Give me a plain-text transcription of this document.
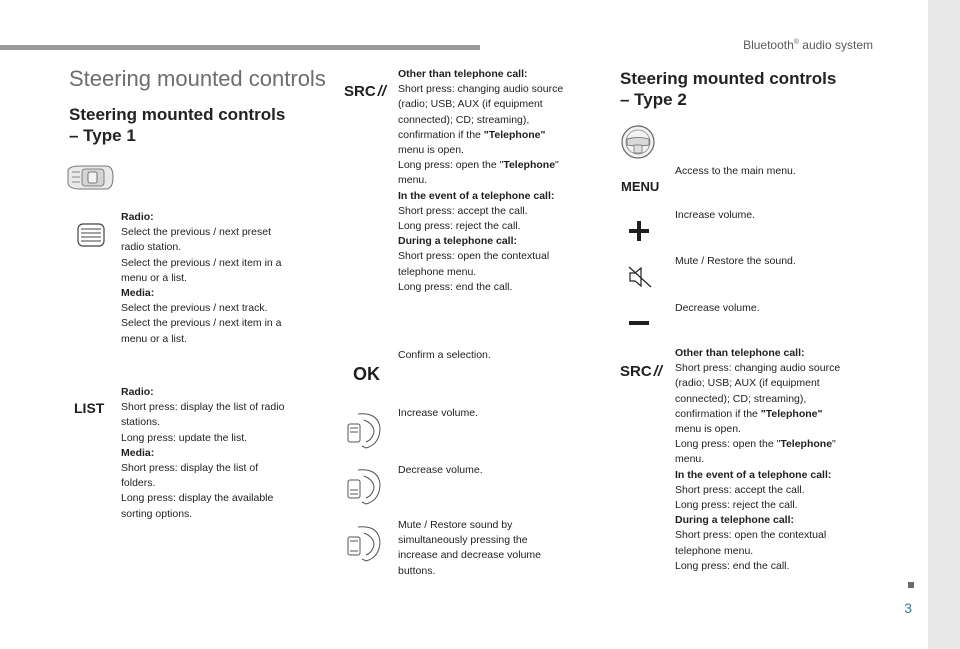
Bluetooth® audio system
3
Steering mounted controls
Steering mounted controls
– Type 1
Radio:
Select the previous / next preset
radio station.
Select the previous / next item in a
menu or a list.
Media:
Select the previous / next track.
Select the previous / next item in a
menu or a list.
LIST
Radio:
Short press: display the list of radio
stations.
Long press: update the list.
Media:
Short press: display the list of
folders.
Long press: display the available
sorting options.
SRC //
Other than telephone call:
Short press: changing audio source
(radio; USB; AUX (if equipment
connected); CD; streaming),
confirmation if the "Telephone"
menu is open.
Long press: open the "Telephone"
menu.
In the event of a telephone call:
Short press: accept the call.
Long press: reject the call.
During a telephone call:
Short press: open the contextual
telephone menu.
Long press: end the call.
OK
Confirm a selection.
Increase volume.
Decrease volume.
Mute / Restore sound by
simultaneously pressing the
increase and decrease volume
buttons.
Steering mounted controls
– Type 2
MENU
Access to the main menu.
Increase volume.
Mute / Restore the sound.
Decrease volume.
SRC //
Other than telephone call:
Short press: changing audio source
(radio; USB; AUX (if equipment
connected); CD; streaming),
confirmation if the "Telephone"
menu is open.
Long press: open the "Telephone"
menu.
In the event of a telephone call:
Short press: accept the call.
Long press: reject the call.
During a telephone call:
Short press: open the contextual
telephone menu.
Long press: end the call.
